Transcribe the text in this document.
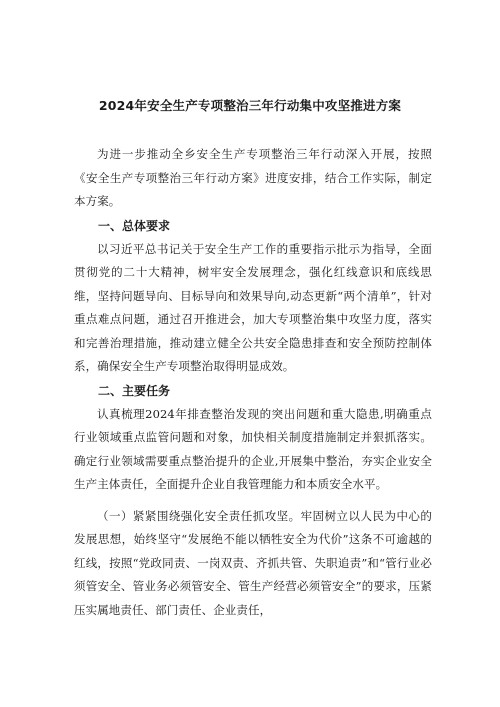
2024年安全生产专项整治三年行动集中攻坚推进方案

为进一步推动全乡安全生产专项整治三年行动深入开展，按照《安全生产专项整治三年行动方案》进度安排，结合工作实际，制定本方案。

一、总体要求

以习近平总书记关于安全生产工作的重要指示批示为指导，全面贯彻党的二十大精神，树牢安全发展理念，强化红线意识和底线思维，坚持问题导向、目标导向和效果导向,动态更新“两个清单”，针对重点难点问题，通过召开推进会，加大专项整治集中攻坚力度，落实和完善治理措施，推动建立健全公共安全隐患排查和安全预防控制体系，确保安全生产专项整治取得明显成效。

二、主要任务

认真梳理2024年排查整治发现的突出问题和重大隐患,明确重点行业领域重点监管问题和对象，加快相关制度措施制定并狠抓落实。确定行业领域需要重点整治提升的企业,开展集中整治，夯实企业安全生产主体责任，全面提升企业自我管理能力和本质安全水平。

（一）紧紧围绕强化安全责任抓攻坚。牢固树立以人民为中心的发展思想，始终坚守“发展绝不能以牺牲安全为代价”这条不可逾越的红线，按照“党政同责、一岗双责、齐抓共管、失职追责”和“管行业必须管安全、管业务必须管安全、管生产经营必须管安全”的要求，压紧压实属地责任、部门责任、企业责任，
